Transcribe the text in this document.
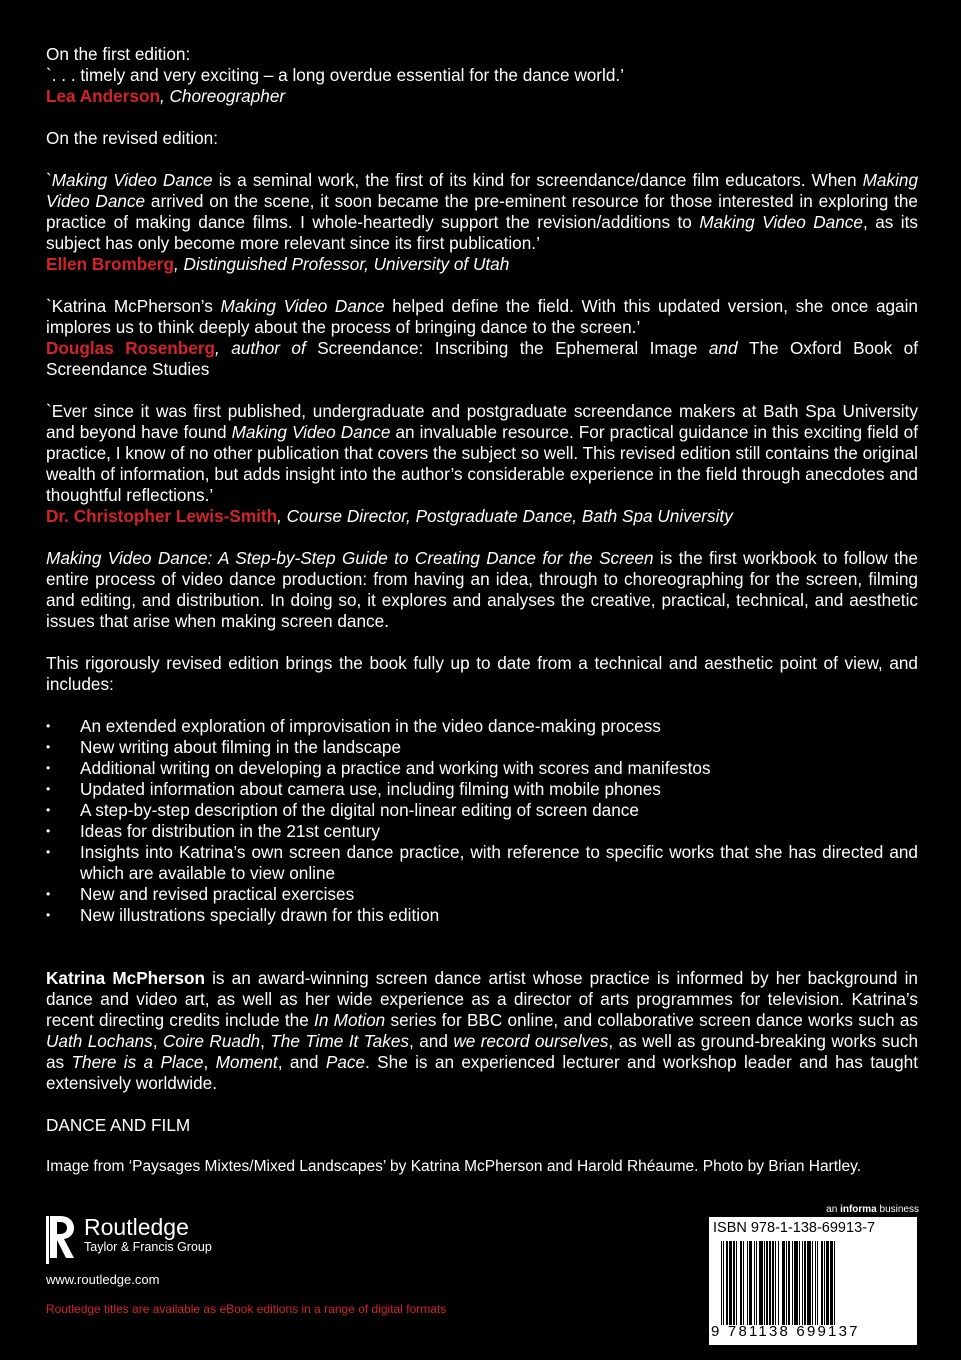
On the first edition:

`. . . timely and very exciting – a long overdue essential for the dance world.’

Lea Anderson, Choreographer

On the revised edition:

`Making Video Dance is a seminal work, the first of its kind for screendance/dance film educators. When Making Video Dance arrived on the scene, it soon became the pre-eminent resource for those interested in exploring the practice of making dance films. I whole-heartedly support the revision/additions to Making Video Dance, as its subject has only become more relevant since its first publication.’

Ellen Bromberg, Distinguished Professor, University of Utah

`Katrina McPherson’s Making Video Dance helped define the field. With this updated version, she once again implores us to think deeply about the process of bringing dance to the screen.’

Douglas Rosenberg, author of Screendance: Inscribing the Ephemeral Image and The Oxford Book of Screendance Studies

`Ever since it was first published, undergraduate and postgraduate screendance makers at Bath Spa University and beyond have found Making Video Dance an invaluable resource. For practical guidance in this exciting field of practice, I know of no other publication that covers the subject so well. This revised edition still contains the original wealth of information, but adds insight into the author’s considerable experience in the field through anecdotes and thoughtful reflections.’

Dr. Christopher Lewis-Smith, Course Director, Postgraduate Dance, Bath Spa University

Making Video Dance: A Step-by-Step Guide to Creating Dance for the Screen is the first workbook to follow the entire process of video dance production: from having an idea, through to choreographing for the screen, filming and editing, and distribution. In doing so, it explores and analyses the creative, practical, technical, and aesthetic issues that arise when making screen dance.

This rigorously revised edition brings the book fully up to date from a technical and aesthetic point of view, and includes:

• An extended exploration of improvisation in the video dance-making process
• New writing about filming in the landscape
• Additional writing on developing a practice and working with scores and manifestos
• Updated information about camera use, including filming with mobile phones
• A step-by-step description of the digital non-linear editing of screen dance
• Ideas for distribution in the 21st century
• Insights into Katrina’s own screen dance practice, with reference to specific works that she has directed and which are available to view online
• New and revised practical exercises
• New illustrations specially drawn for this edition

Katrina McPherson is an award-winning screen dance artist whose practice is informed by her background in dance and video art, as well as her wide experience as a director of arts programmes for television. Katrina’s recent directing credits include the In Motion series for BBC online, and collaborative screen dance works such as Uath Lochans, Coire Ruadh, The Time It Takes, and we record ourselves, as well as ground-breaking works such as There is a Place, Moment, and Pace. She is an experienced lecturer and workshop leader and has taught extensively worldwide.

DANCE AND FILM

Image from ‘Paysages Mixtes/Mixed Landscapes’ by Katrina McPherson and Harold Rhéaume. Photo by Brian Hartley.

Routledge
Taylor & Francis Group
www.routledge.com
Routledge titles are available as eBook editions in a range of digital formats
an informa business
ISBN 978-1-138-69913-7
9 781138 699137
